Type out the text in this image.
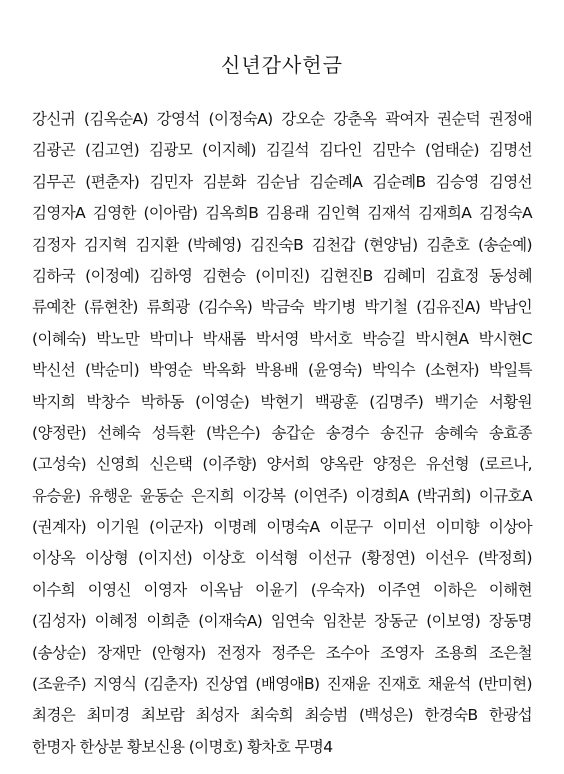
신년감사헌금
강신귀 (김옥순A) 강영석 (이정숙A) 강오순 강춘옥 곽여자 권순덕 권정애
김광곤 (김고연) 김광모 (이지혜) 김길석 김다인 김만수 (엄태순) 김명선
김무곤 (편춘자) 김민자 김분화 김순남 김순례A 김순례B 김승영 김영선
김영자A 김영한 (이아람) 김옥희B 김용래 김인혁 김재석 김재희A 김정숙A
김정자 김지혁 김지환 (박혜영) 김진숙B 김천갑 (현양님) 김춘호 (송순예)
김하국 (이정예) 김하영 김현승 (이미진) 김현진B 김혜미 김효정 동성혜
류예찬 (류현찬) 류희광 (김수옥) 박금숙 박기병 박기철 (김유진A) 박남인
(이혜숙) 박노만 박미나 박새롬 박서영 박서호 박승길 박시현A 박시현C
박신선 (박순미) 박영순 박옥화 박용배 (윤영숙) 박익수 (소현자) 박일특
박지희 박창수 박하동 (이영순) 박현기 백광훈 (김명주) 백기순 서황원
(양정란) 선혜숙 성득환 (박은수) 송갑순 송경수 송진규 송혜숙 송효종
(고성숙) 신영희 신은택 (이주향) 양서희 양옥란 양정은 유선형 (로르나,
유승윤) 유행운 윤동순 은지희 이강복 (이연주) 이경희A (박귀희) 이규호A
(권계자) 이기원 (이군자) 이명례 이명숙A 이문구 이미선 이미향 이상아
이상옥 이상형 (이지선) 이상호 이석형 이선규 (황정연) 이선우 (박정희)
이수희 이영신 이영자 이옥남 이윤기 (우숙자) 이주연 이하은 이해현
(김성자) 이혜정 이희춘 (이재숙A) 임연숙 임찬분 장동군 (이보영) 장동명
(송상순) 장재만 (안형자) 전정자 정주은 조수아 조영자 조용희 조은철
(조윤주) 지영식 (김춘자) 진상엽 (배영애B) 진재윤 진재호 채윤석 (반미현)
최경은 최미경 최보람 최성자 최숙희 최승범 (백성은) 한경숙B 한광섭
한명자 한상분 황보신용 (이명호) 황차호 무명4
